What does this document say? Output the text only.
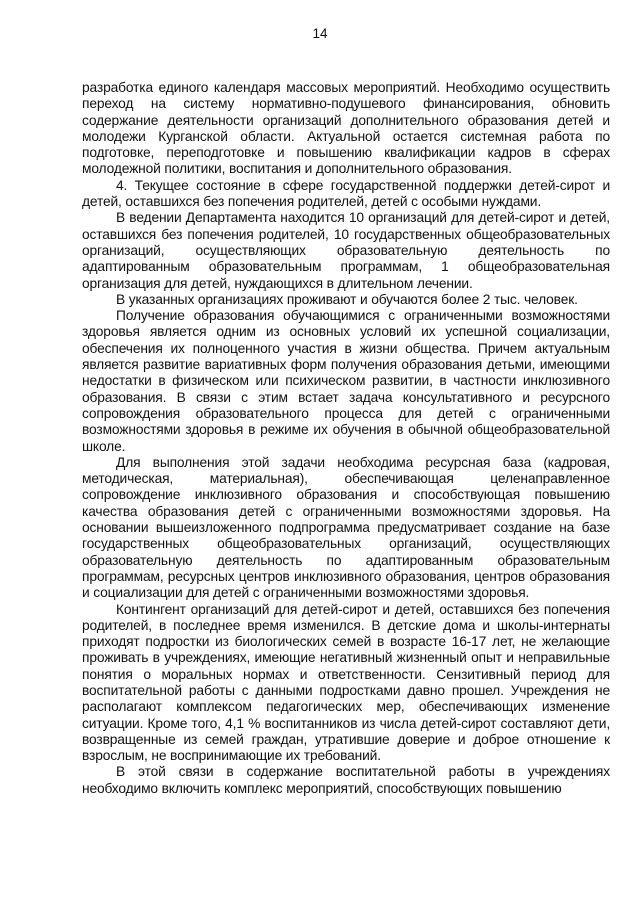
14

разработка единого календаря массовых мероприятий. Необходимо осуществить переход на систему нормативно-подушевого финансирования, обновить содержание деятельности организаций дополнительного образования детей и молодежи Курганской области. Актуальной остается системная работа по подготовке, переподготовке и повышению квалификации кадров в сферах молодежной политики, воспитания и дополнительного образования.

4. Текущее состояние в сфере государственной поддержки детей-сирот и детей, оставшихся без попечения родителей, детей с особыми нуждами.

В ведении Департамента находится 10 организаций для детей-сирот и детей, оставшихся без попечения родителей, 10 государственных общеобразовательных организаций, осуществляющих образовательную деятельность по адаптированным образовательным программам, 1 общеобразовательная организация для детей, нуждающихся в длительном лечении.

В указанных организациях проживают и обучаются более 2 тыс. человек.

Получение образования обучающимися с ограниченными возможностями здоровья является одним из основных условий их успешной социализации, обеспечения их полноценного участия в жизни общества. Причем актуальным является развитие вариативных форм получения образования детьми, имеющими недостатки в физическом или психическом развитии, в частности инклюзивного образования. В связи с этим встает задача консультативного и ресурсного сопровождения образовательного процесса для детей с ограниченными возможностями здоровья в режиме их обучения в обычной общеобразовательной школе.

Для выполнения этой задачи необходима ресурсная база (кадровая, методическая, материальная), обеспечивающая целенаправленное сопровождение инклюзивного образования и способствующая повышению качества образования детей с ограниченными возможностями здоровья. На основании вышеизложенного подпрограмма предусматривает создание на базе государственных общеобразовательных организаций, осуществляющих образовательную деятельность по адаптированным образовательным программам, ресурсных центров инклюзивного образования, центров образования и социализации для детей с ограниченными возможностями здоровья.

Контингент организаций для детей-сирот и детей, оставшихся без попечения родителей, в последнее время изменился. В детские дома и школы-интернаты приходят подростки из биологических семей в возрасте 16-17 лет, не желающие проживать в учреждениях, имеющие негативный жизненный опыт и неправильные понятия о моральных нормах и ответственности. Сензитивный период для воспитательной работы с данными подростками давно прошел. Учреждения не располагают комплексом педагогических мер, обеспечивающих изменение ситуации. Кроме того, 4,1 % воспитанников из числа детей-сирот составляют дети, возвращенные из семей граждан, утратившие доверие и доброе отношение к взрослым, не воспринимающие их требований.

В этой связи в содержание воспитательной работы в учреждениях необходимо включить комплекс мероприятий, способствующих повышению
